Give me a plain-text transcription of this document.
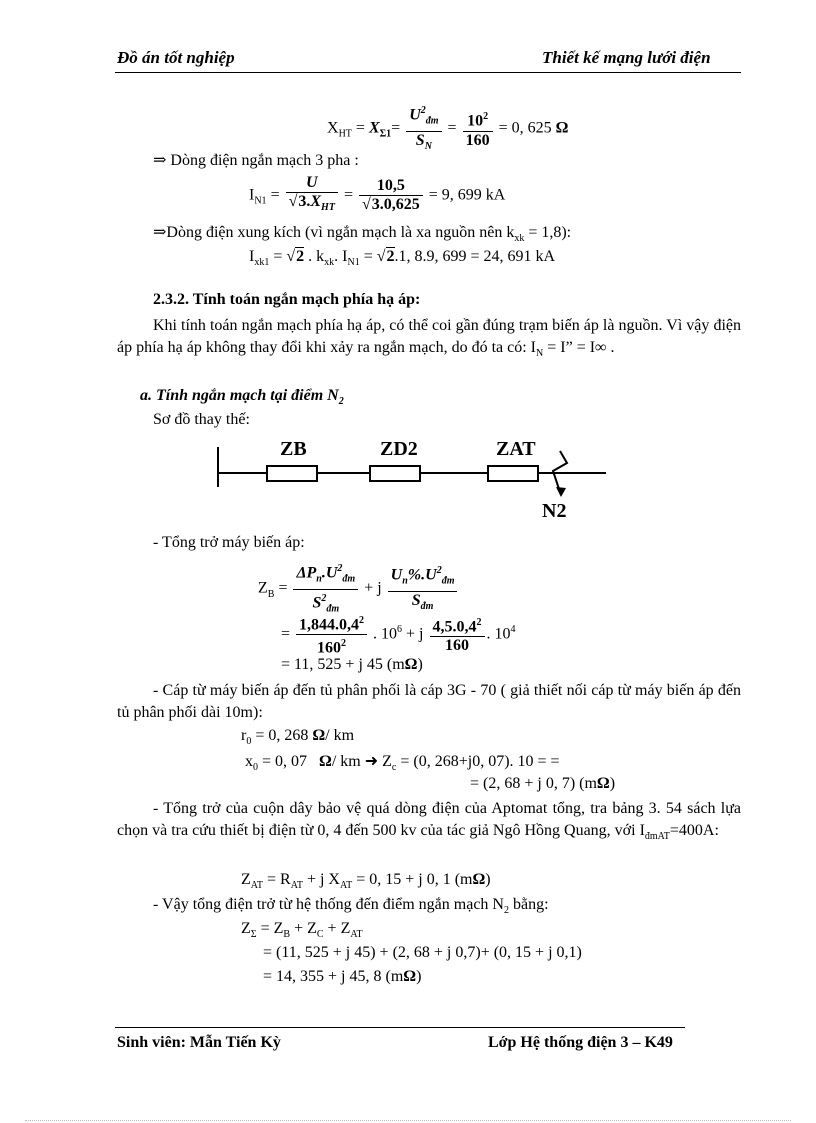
Đồ án tốt nghiệp	Thiết kế mạng lưới điện
$X_{HT} = X_{\Sigma 1}= \frac{U^2_{đm}}{S_N} = \frac{10^2}{160} = 0$, 625 Ω
⇒ Dòng điện ngắn mạch 3 pha :
$I_{N1} = \frac{U}{√3.X_{HT}} = \frac{10,5}{√3.0,625} = 9$, 699 kA
⇒Dòng điện xung kích (vì ngắn mạch là xa nguồn nên $k_{xk} = 1,8$):
$I_{xk1} = √2$ . $k_{xk}$. $I_{N1} = √2.1$, 8.9, 699 = 24, 691 kA
2.3.2. Tính toán ngắn mạch phía hạ áp:

Khi tính toán ngắn mạch phía hạ áp, có thể coi gần đúng trạm biến áp là nguồn. Vì vậy điện áp phía hạ áp không thay đổi khi xảy ra ngắn mạch, do đó ta có: $I_N = I$” = I∞ .

a. Tính ngắn mạch tại điểm $N_2$
Sơ đồ thay thế:
ZB	ZD2	ZAT
N2
- Tổng trở máy biến áp:
$Z_B = \frac{\Delta P_n.U^2_{đm}}{S^2_{đm}} + j \frac{U_n\%.U^2_{đm}}{S_{đm}}$
= $\frac{1,844.0,4^2}{160^2}$ . $10^6 + j \frac{4,5.0,4^2}{160}$ . $10^4$
= 11, 525 + j 45 (mΩ)

- Cáp từ máy biến áp đến tủ phân phối là cáp 3G - 70 ( giả thiết nối cáp từ máy biến áp đến tủ phân phối dài 10m):

$r_0 = 0$, 268 Ω/ km
$x_0 = 0$, 07 Ω/ km ➜ $Z_c = (0$, 268+j0, 07). 10 = =
= (2, 68 + j 0, 7) (mΩ)

- Tổng trở của cuộn dây bảo vệ quá dòng điện của Aptomat tổng, tra bảng 3. 54 sách lựa chọn và tra cứu thiết bị điện từ 0, 4 đến 500 kv của tác giả Ngô Hồng Quang, với $I_{đmAT}=400A$:

$Z_{AT} = R_{AT} + j$ $X_{AT} = 0$, 15 + j 0, 1 (mΩ)
- Vậy tổng điện trở từ hệ thống đến điểm ngắn mạch $N_2$ bằng:
$Z_\Sigma = Z_B + Z_C + Z_{AT}$
= (11, 525 + j 45) + (2, 68 + j 0,7)+ (0, 15 + j 0,1)
= 14, 355 + j 45, 8 (mΩ)
Sinh viên: Mẫn Tiến Kỳ	Lớp Hệ thống điện 3 – K49
